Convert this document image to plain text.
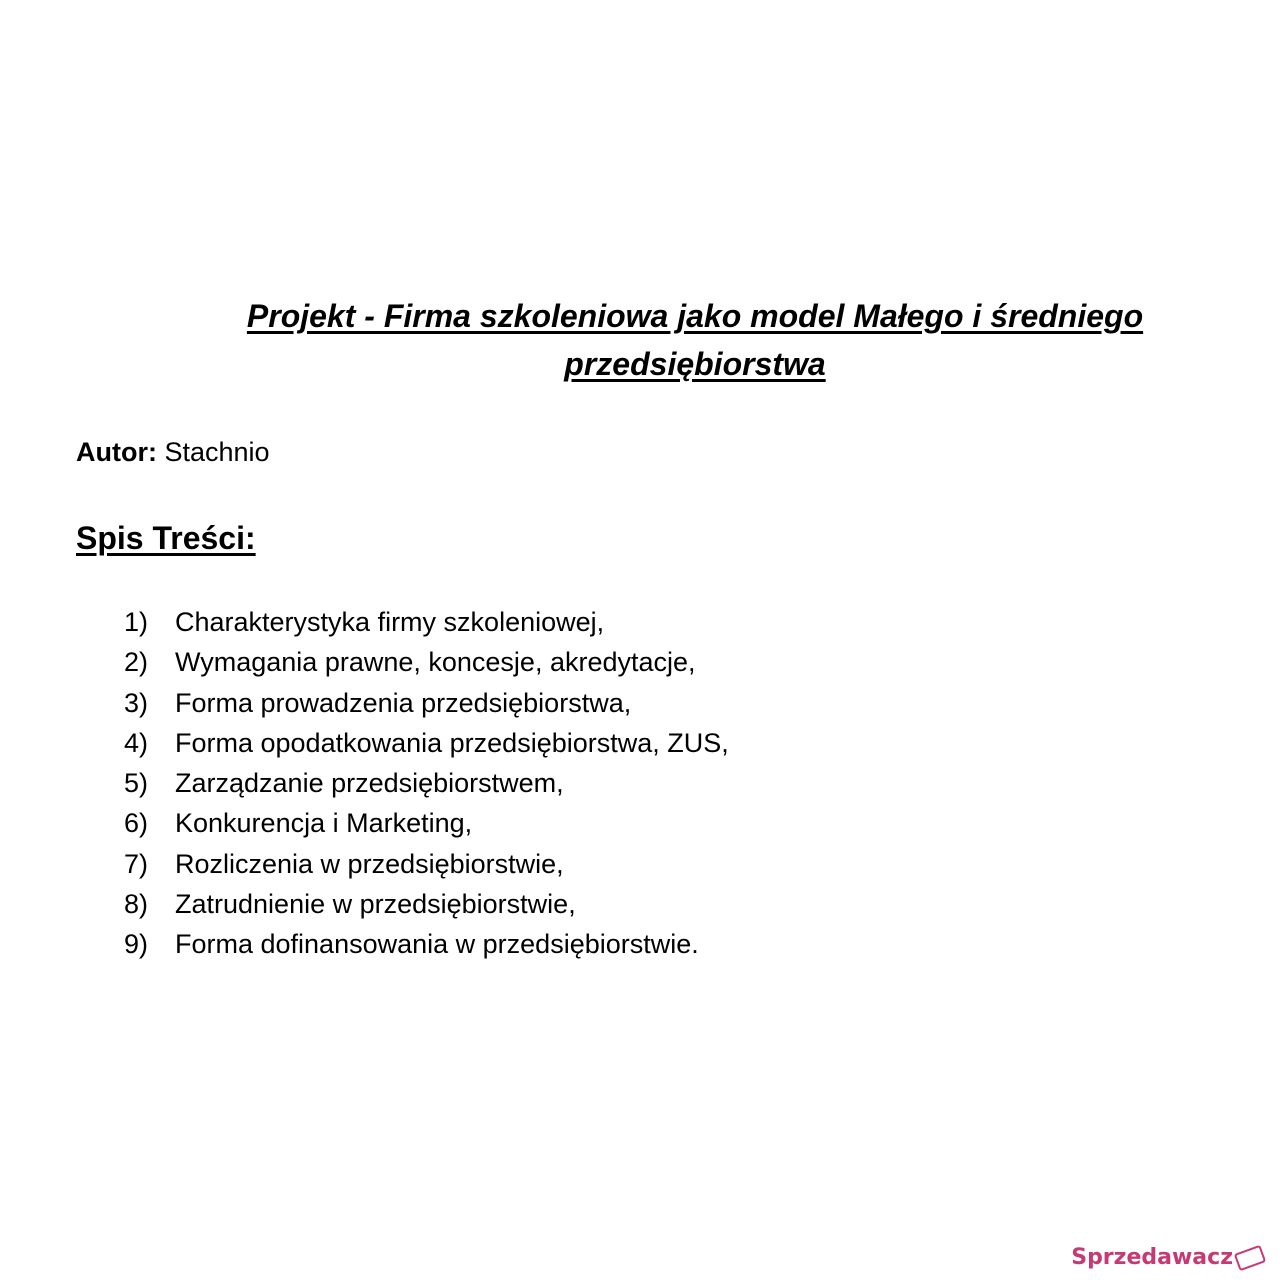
Projekt - Firma szkoleniowa jako model Małego i średniego przedsiębiorstwa

Autor: Stachnio

Spis Treści:
1) Charakterystyka firmy szkoleniowej,
2) Wymagania prawne, koncesje, akredytacje,
3) Forma prowadzenia przedsiębiorstwa,
4) Forma opodatkowania przedsiębiorstwa, ZUS,
5) Zarządzanie przedsiębiorstwem,
6) Konkurencja i Marketing,
7) Rozliczenia w przedsiębiorstwie,
8) Zatrudnienie w przedsiębiorstwie,
9) Forma dofinansowania w przedsiębiorstwie.
Sprzedawacz
